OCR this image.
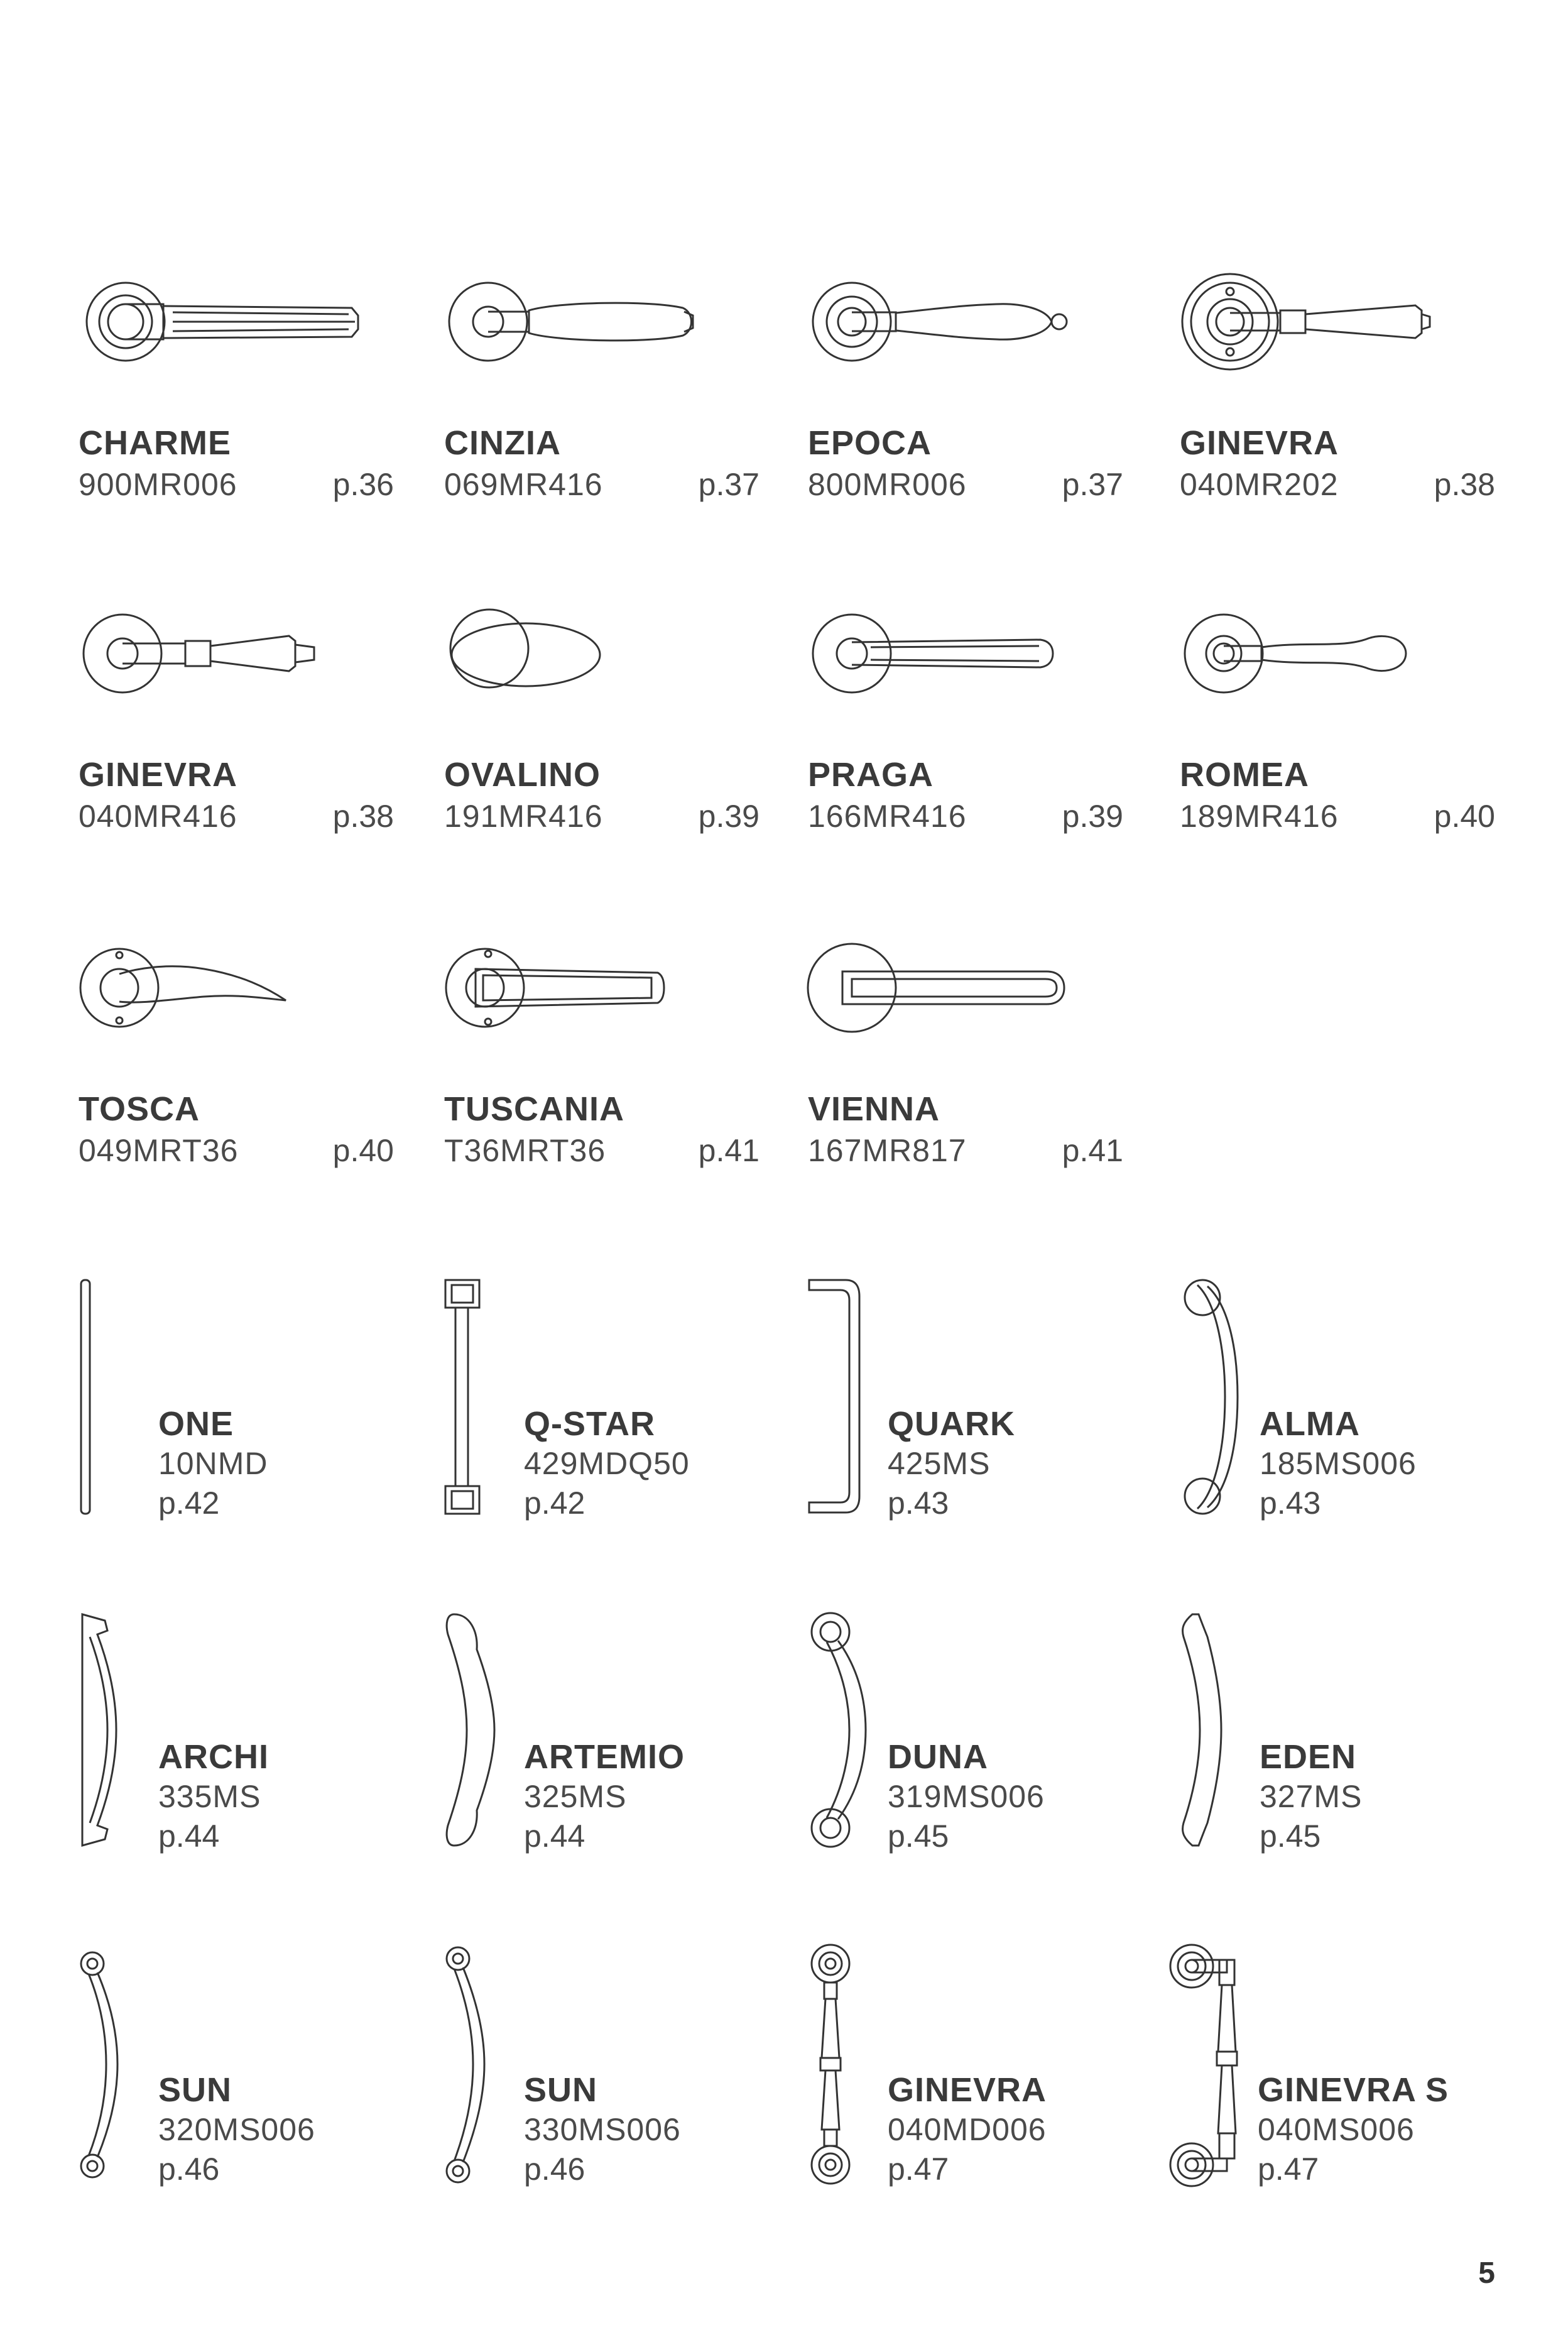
CHARME
900MR006	p.36
CINZIA
069MR416	p.37
EPOCA
800MR006	p.37
GINEVRA
040MR202	p.38
GINEVRA
040MR416	p.38
OVALINO
191MR416	p.39
PRAGA
166MR416	p.39
ROMEA
189MR416	p.40
TOSCA
049MRT36	p.40
TUSCANIA
T36MRT36	p.41
VIENNA
167MR817	p.41
ONE
10NMD
p.42
Q-STAR
429MDQ50
p.42
QUARK
425MS
p.43
ALMA
185MS006
p.43
ARCHI
335MS
p.44
ARTEMIO
325MS
p.44
DUNA
319MS006
p.45
EDEN
327MS
p.45
SUN
320MS006
p.46
SUN
330MS006
p.46
GINEVRA
040MD006
p.47
GINEVRA S
040MS006
p.47
5
